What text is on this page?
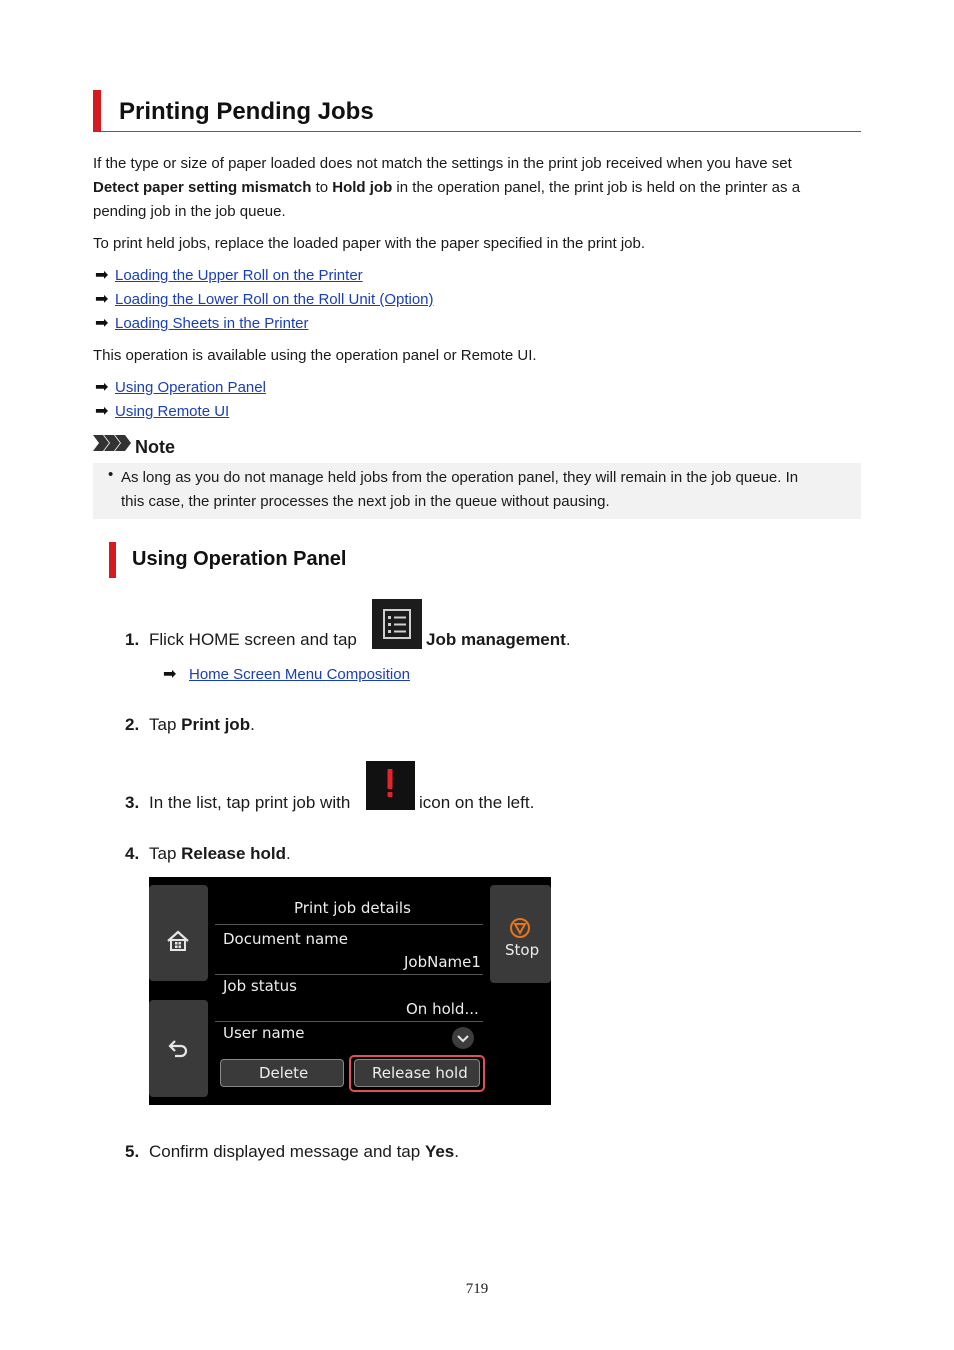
Printing Pending Jobs
If the type or size of paper loaded does not match the settings in the print job received when you have set
Detect paper setting mismatch to Hold job in the operation panel, the print job is held on the printer as a
pending job in the job queue.
To print held jobs, replace the loaded paper with the paper specified in the print job.
➡ Loading the Upper Roll on the Printer
➡ Loading the Lower Roll on the Roll Unit (Option)
➡ Loading Sheets in the Printer
This operation is available using the operation panel or Remote UI.
➡ Using Operation Panel
➡ Using Remote UI
Note
• As long as you do not manage held jobs from the operation panel, they will remain in the job queue. In
this case, the printer processes the next job in the queue without pausing.
Using Operation Panel
1. Flick HOME screen and tap	Job management.
➡ Home Screen Menu Composition
2. Tap Print job.
3. In the list, tap print job with	icon on the left.
4. Tap Release hold.
Stop
Print job details
Document name
JobName1
Job status
On hold...
User name
Delete	Release hold
5. Confirm displayed message and tap Yes.
719
